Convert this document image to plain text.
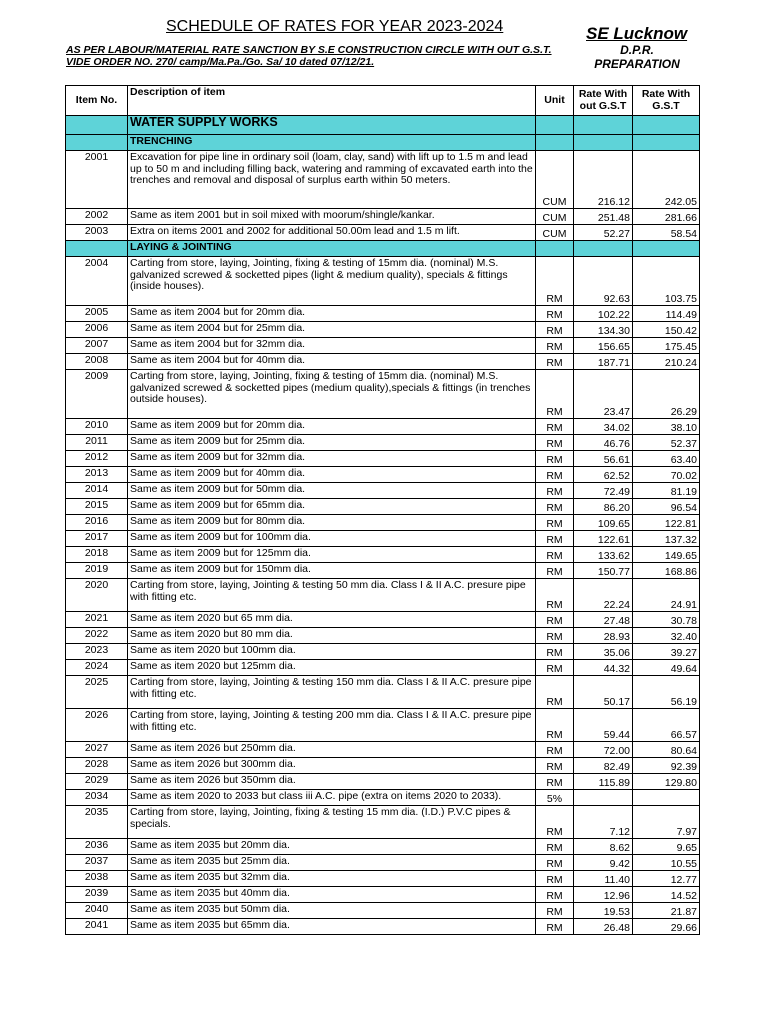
SCHEDULE OF RATES FOR YEAR 2023-2024
AS PER LABOUR/MATERIAL RATE SANCTION BY S.E CONSTRUCTION CIRCLE WITH OUT G.S.T.
VIDE ORDER NO. 270/ camp/Ma.Pa./Go. Sa/ 10 dated 07/12/21.
SE Lucknow
D.P.R.
PREPARATION
Item No.	Description of item	Unit	Rate With out G.S.T	Rate With G.S.T
	WATER SUPPLY WORKS			
	TRENCHING			
2001	Excavation for pipe line in ordinary soil (loam, clay, sand) with lift up to 1.5 m and lead up to 50 m and including filling back, watering and ramming of excavated earth into the trenches and removal and disposal of surplus earth within 50 meters.	CUM	216.12	242.05
2002	Same as item 2001 but in soil mixed with moorum/shingle/kankar.	CUM	251.48	281.66
2003	Extra on items 2001 and 2002 for additional 50.00m lead and 1.5 m lift.	CUM	52.27	58.54
	LAYING & JOINTING			
2004	Carting from store, laying, Jointing, fixing & testing of 15mm dia. (nominal) M.S. galvanized screwed & socketted pipes (light & medium quality), specials & fittings (inside houses).	RM	92.63	103.75
2005	Same as item 2004 but for 20mm dia.	RM	102.22	114.49
2006	Same as item 2004 but for 25mm dia.	RM	134.30	150.42
2007	Same as item 2004 but for 32mm dia.	RM	156.65	175.45
2008	Same as item 2004 but for 40mm dia.	RM	187.71	210.24
2009	Carting from store, laying, Jointing, fixing & testing of 15mm dia. (nominal) M.S. galvanized screwed & socketted pipes (medium quality),specials & fittings (in trenches outside houses).	RM	23.47	26.29
2010	Same as item 2009 but for 20mm dia.	RM	34.02	38.10
2011	Same as item 2009 but for 25mm dia.	RM	46.76	52.37
2012	Same as item 2009 but for 32mm dia.	RM	56.61	63.40
2013	Same as item 2009 but for 40mm dia.	RM	62.52	70.02
2014	Same as item 2009 but for 50mm dia.	RM	72.49	81.19
2015	Same as item 2009 but for 65mm dia.	RM	86.20	96.54
2016	Same as item 2009 but for 80mm dia.	RM	109.65	122.81
2017	Same as item 2009 but for 100mm dia.	RM	122.61	137.32
2018	Same as item 2009 but for 125mm dia.	RM	133.62	149.65
2019	Same as item 2009 but for 150mm dia.	RM	150.77	168.86
2020	Carting from store, laying, Jointing & testing 50 mm dia. Class I & II A.C. presure pipe with fitting etc.	RM	22.24	24.91
2021	Same as item 2020 but 65 mm dia.	RM	27.48	30.78
2022	Same as item 2020 but 80 mm dia.	RM	28.93	32.40
2023	Same as item 2020 but 100mm dia.	RM	35.06	39.27
2024	Same as item 2020 but 125mm dia.	RM	44.32	49.64
2025	Carting from store, laying, Jointing & testing 150 mm dia. Class I & II A.C. presure pipe with fitting etc.	RM	50.17	56.19
2026	Carting from store, laying, Jointing & testing 200 mm dia. Class I & II A.C. presure pipe with fitting etc.	RM	59.44	66.57
2027	Same as item 2026 but 250mm dia.	RM	72.00	80.64
2028	Same as item 2026 but 300mm dia.	RM	82.49	92.39
2029	Same as item 2026 but 350mm dia.	RM	115.89	129.80
2034	Same as item 2020 to 2033 but class iii A.C. pipe (extra on items 2020 to 2033).	5%		
2035	Carting from store, laying, Jointing, fixing & testing 15 mm dia. (I.D.) P.V.C pipes & specials.	RM	7.12	7.97
2036	Same as item 2035 but 20mm dia.	RM	8.62	9.65
2037	Same as item 2035 but 25mm dia.	RM	9.42	10.55
2038	Same as item 2035 but 32mm dia.	RM	11.40	12.77
2039	Same as item 2035 but 40mm dia.	RM	12.96	14.52
2040	Same as item 2035 but 50mm dia.	RM	19.53	21.87
2041	Same as item 2035 but 65mm dia.	RM	26.48	29.66
